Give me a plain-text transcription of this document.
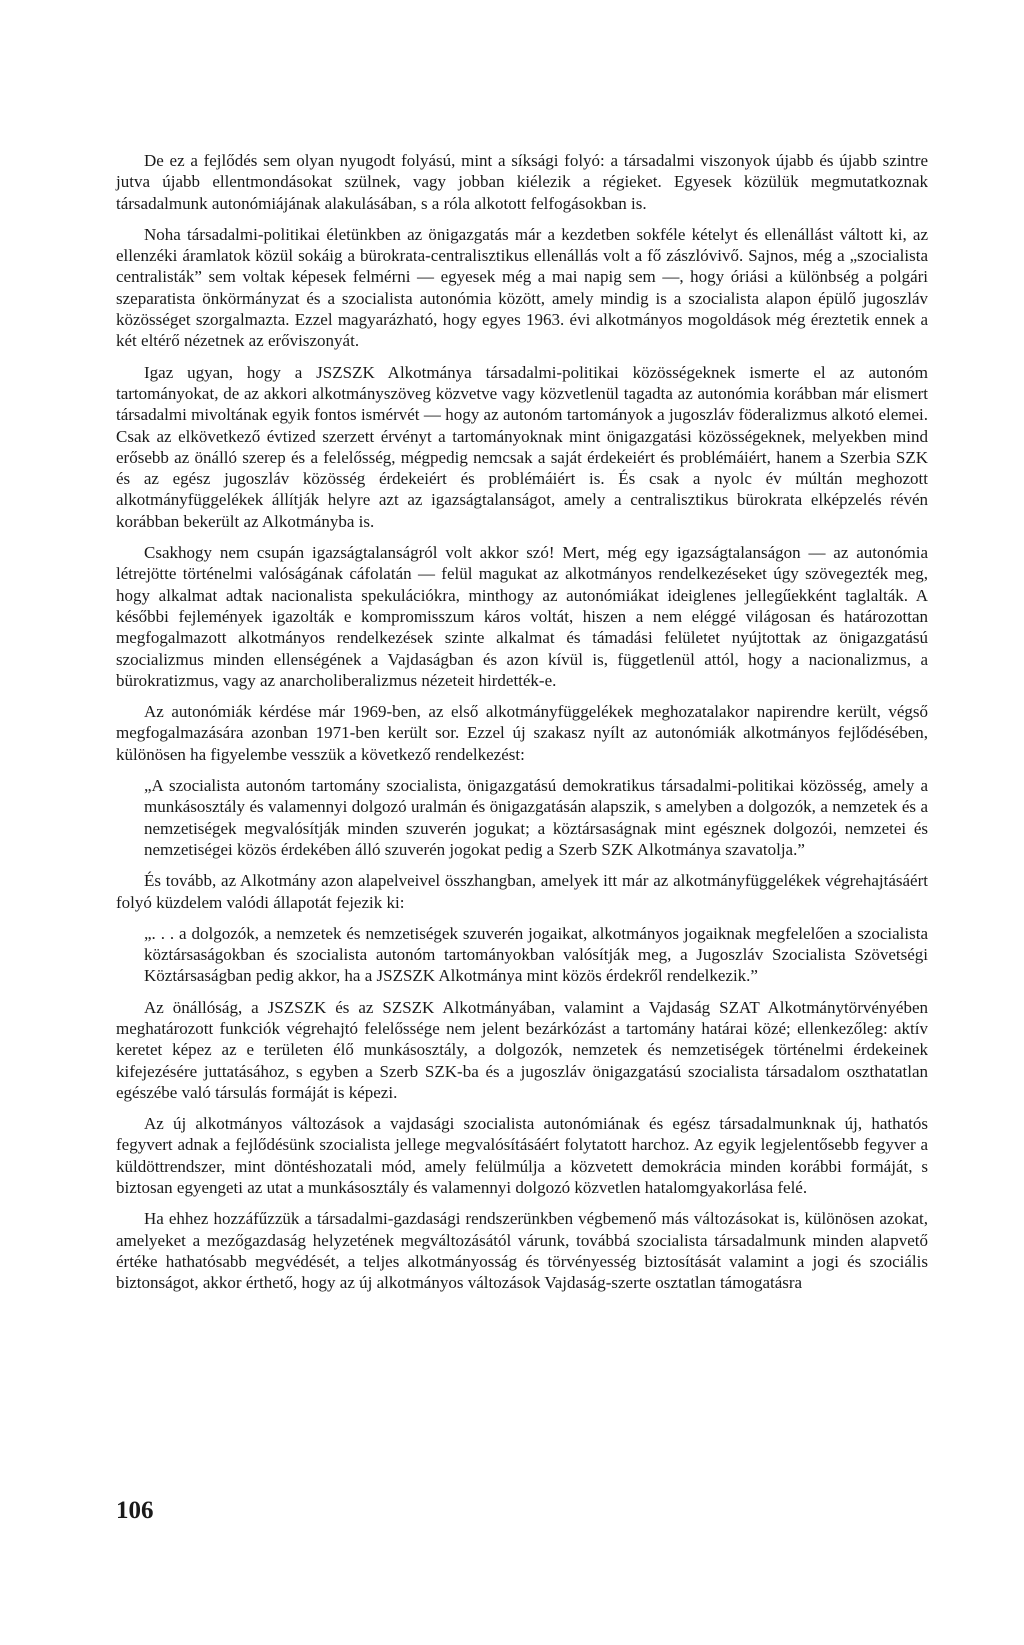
De ez a fejlődés sem olyan nyugodt folyású, mint a síksági folyó: a társadalmi viszonyok újabb és újabb szintre jutva újabb ellentmondásokat szülnek, vagy jobban kiélezik a régieket. Egyesek közülük megmutatkoznak társadalmunk autonómiájának alakulásában, s a róla alkotott felfogásokban is.

Noha társadalmi-politikai életünkben az önigazgatás már a kezdetben sokféle kételyt és ellenállást váltott ki, az ellenzéki áramlatok közül sokáig a bürokrata-centralisztikus ellenállás volt a fő zászlóvivő. Sajnos, még a „szocialista centralisták” sem voltak képesek felmérni — egyesek még a mai napig sem —, hogy óriási a különbség a polgári szeparatista önkörmányzat és a szocialista autonómia között, amely mindig is a szocialista alapon épülő jugoszláv közösséget szorgalmazta. Ezzel magyarázható, hogy egyes 1963. évi alkotmányos mogoldások még éreztetik ennek a két eltérő nézetnek az erőviszonyát.

Igaz ugyan, hogy a JSZSZK Alkotmánya társadalmi-politikai közösségeknek ismerte el az autonóm tartományokat, de az akkori alkotmányszöveg közvetve vagy közvetlenül tagadta az autonómia korábban már elismert társadalmi mivoltának egyik fontos ismérvét — hogy az autonóm tartományok a jugoszláv föderalizmus alkotó elemei. Csak az elkövetkező évtized szerzett érvényt a tartományoknak mint önigazgatási közösségeknek, melyekben mind erősebb az önálló szerep és a felelősség, mégpedig nemcsak a saját érdekeiért és problémáiért, hanem a Szerbia SZK és az egész jugoszláv közösség érdekeiért és problémáiért is. És csak a nyolc év múltán meghozott alkotmányfüggelékek állítják helyre azt az igazságtalanságot, amely a centralisztikus bürokrata elképzelés révén korábban bekerült az Alkotmányba is.

Csakhogy nem csupán igazságtalanságról volt akkor szó! Mert, még egy igazságtalanságon — az autonómia létrejötte történelmi valóságának cáfolatán — felül magukat az alkotmányos rendelkezéseket úgy szövegezték meg, hogy alkalmat adtak nacionalista spekulációkra, minthogy az autonómiákat ideiglenes jellegűekként taglalták. A későbbi fejlemények igazolták e kompromisszum káros voltát, hiszen a nem eléggé világosan és határozottan megfogalmazott alkotmányos rendelkezések szinte alkalmat és támadási felületet nyújtottak az önigazgatású szocializmus minden ellenségének a Vajdaságban és azon kívül is, függetlenül attól, hogy a nacionalizmus, a bürokratizmus, vagy az anarcholiberalizmus nézeteit hirdették-e.

Az autonómiák kérdése már 1969-ben, az első alkotmányfüggelékek meghozatalakor napirendre került, végső megfogalmazására azonban 1971-ben került sor. Ezzel új szakasz nyílt az autonómiák alkotmányos fejlődésében, különösen ha figyelembe vesszük a következő rendelkezést:

„A szocialista autonóm tartomány szocialista, önigazgatású demokratikus társadalmi-politikai közösség, amely a munkásosztály és valamennyi dolgozó uralmán és önigazgatásán alapszik, s amelyben a dolgozók, a nemzetek és a nemzetiségek megvalósítják minden szuverén jogukat; a köztársaságnak mint egésznek dolgozói, nemzetei és nemzetiségei közös érdekében álló szuverén jogokat pedig a Szerb SZK Alkotmánya szavatolja.”

És tovább, az Alkotmány azon alapelveivel összhangban, amelyek itt már az alkotmányfüggelékek végrehajtásáért folyó küzdelem valódi állapotát fejezik ki:

„. . . a dolgozók, a nemzetek és nemzetiségek szuverén jogaikat, alkotmányos jogaiknak megfelelően a szocialista köztársaságokban és szocialista autonóm tartományokban valósítják meg, a Jugoszláv Szocialista Szövetségi Köztársaságban pedig akkor, ha a JSZSZK Alkotmánya mint közös érdekről rendelkezik.”

Az önállóság, a JSZSZK és az SZSZK Alkotmányában, valamint a Vajdaság SZAT Alkotmánytörvényében meghatározott funkciók végrehajtó felelőssége nem jelent bezárkózást a tartomány határai közé; ellenkezőleg: aktív keretet képez az e területen élő munkásosztály, a dolgozók, nemzetek és nemzetiségek történelmi érdekeinek kifejezésére juttatásához, s egyben a Szerb SZK-ba és a jugoszláv önigazgatású szocialista társadalom oszthatatlan egészébe való társulás formáját is képezi.

Az új alkotmányos változások a vajdasági szocialista autonómiának és egész társadalmunknak új, hathatós fegyvert adnak a fejlődésünk szocialista jellege megvalósításáért folytatott harchoz. Az egyik legjelentősebb fegyver a küldöttrendszer, mint döntéshozatali mód, amely felülmúlja a közvetett demokrácia minden korábbi formáját, s biztosan egyengeti az utat a munkásosztály és valamennyi dolgozó közvetlen hatalomgyakorlása felé.

Ha ehhez hozzáfűzzük a társadalmi-gazdasági rendszerünkben végbemenő más változásokat is, különösen azokat, amelyeket a mezőgazdaság helyzetének megváltozásától várunk, továbbá szocialista társadalmunk minden alapvető értéke hathatósabb megvédését, a teljes alkotmányosság és törvényesség biztosítását valamint a jogi és szociális biztonságot, akkor érthető, hogy az új alkotmányos változások Vajdaság-szerte osztatlan támogatásra

106
